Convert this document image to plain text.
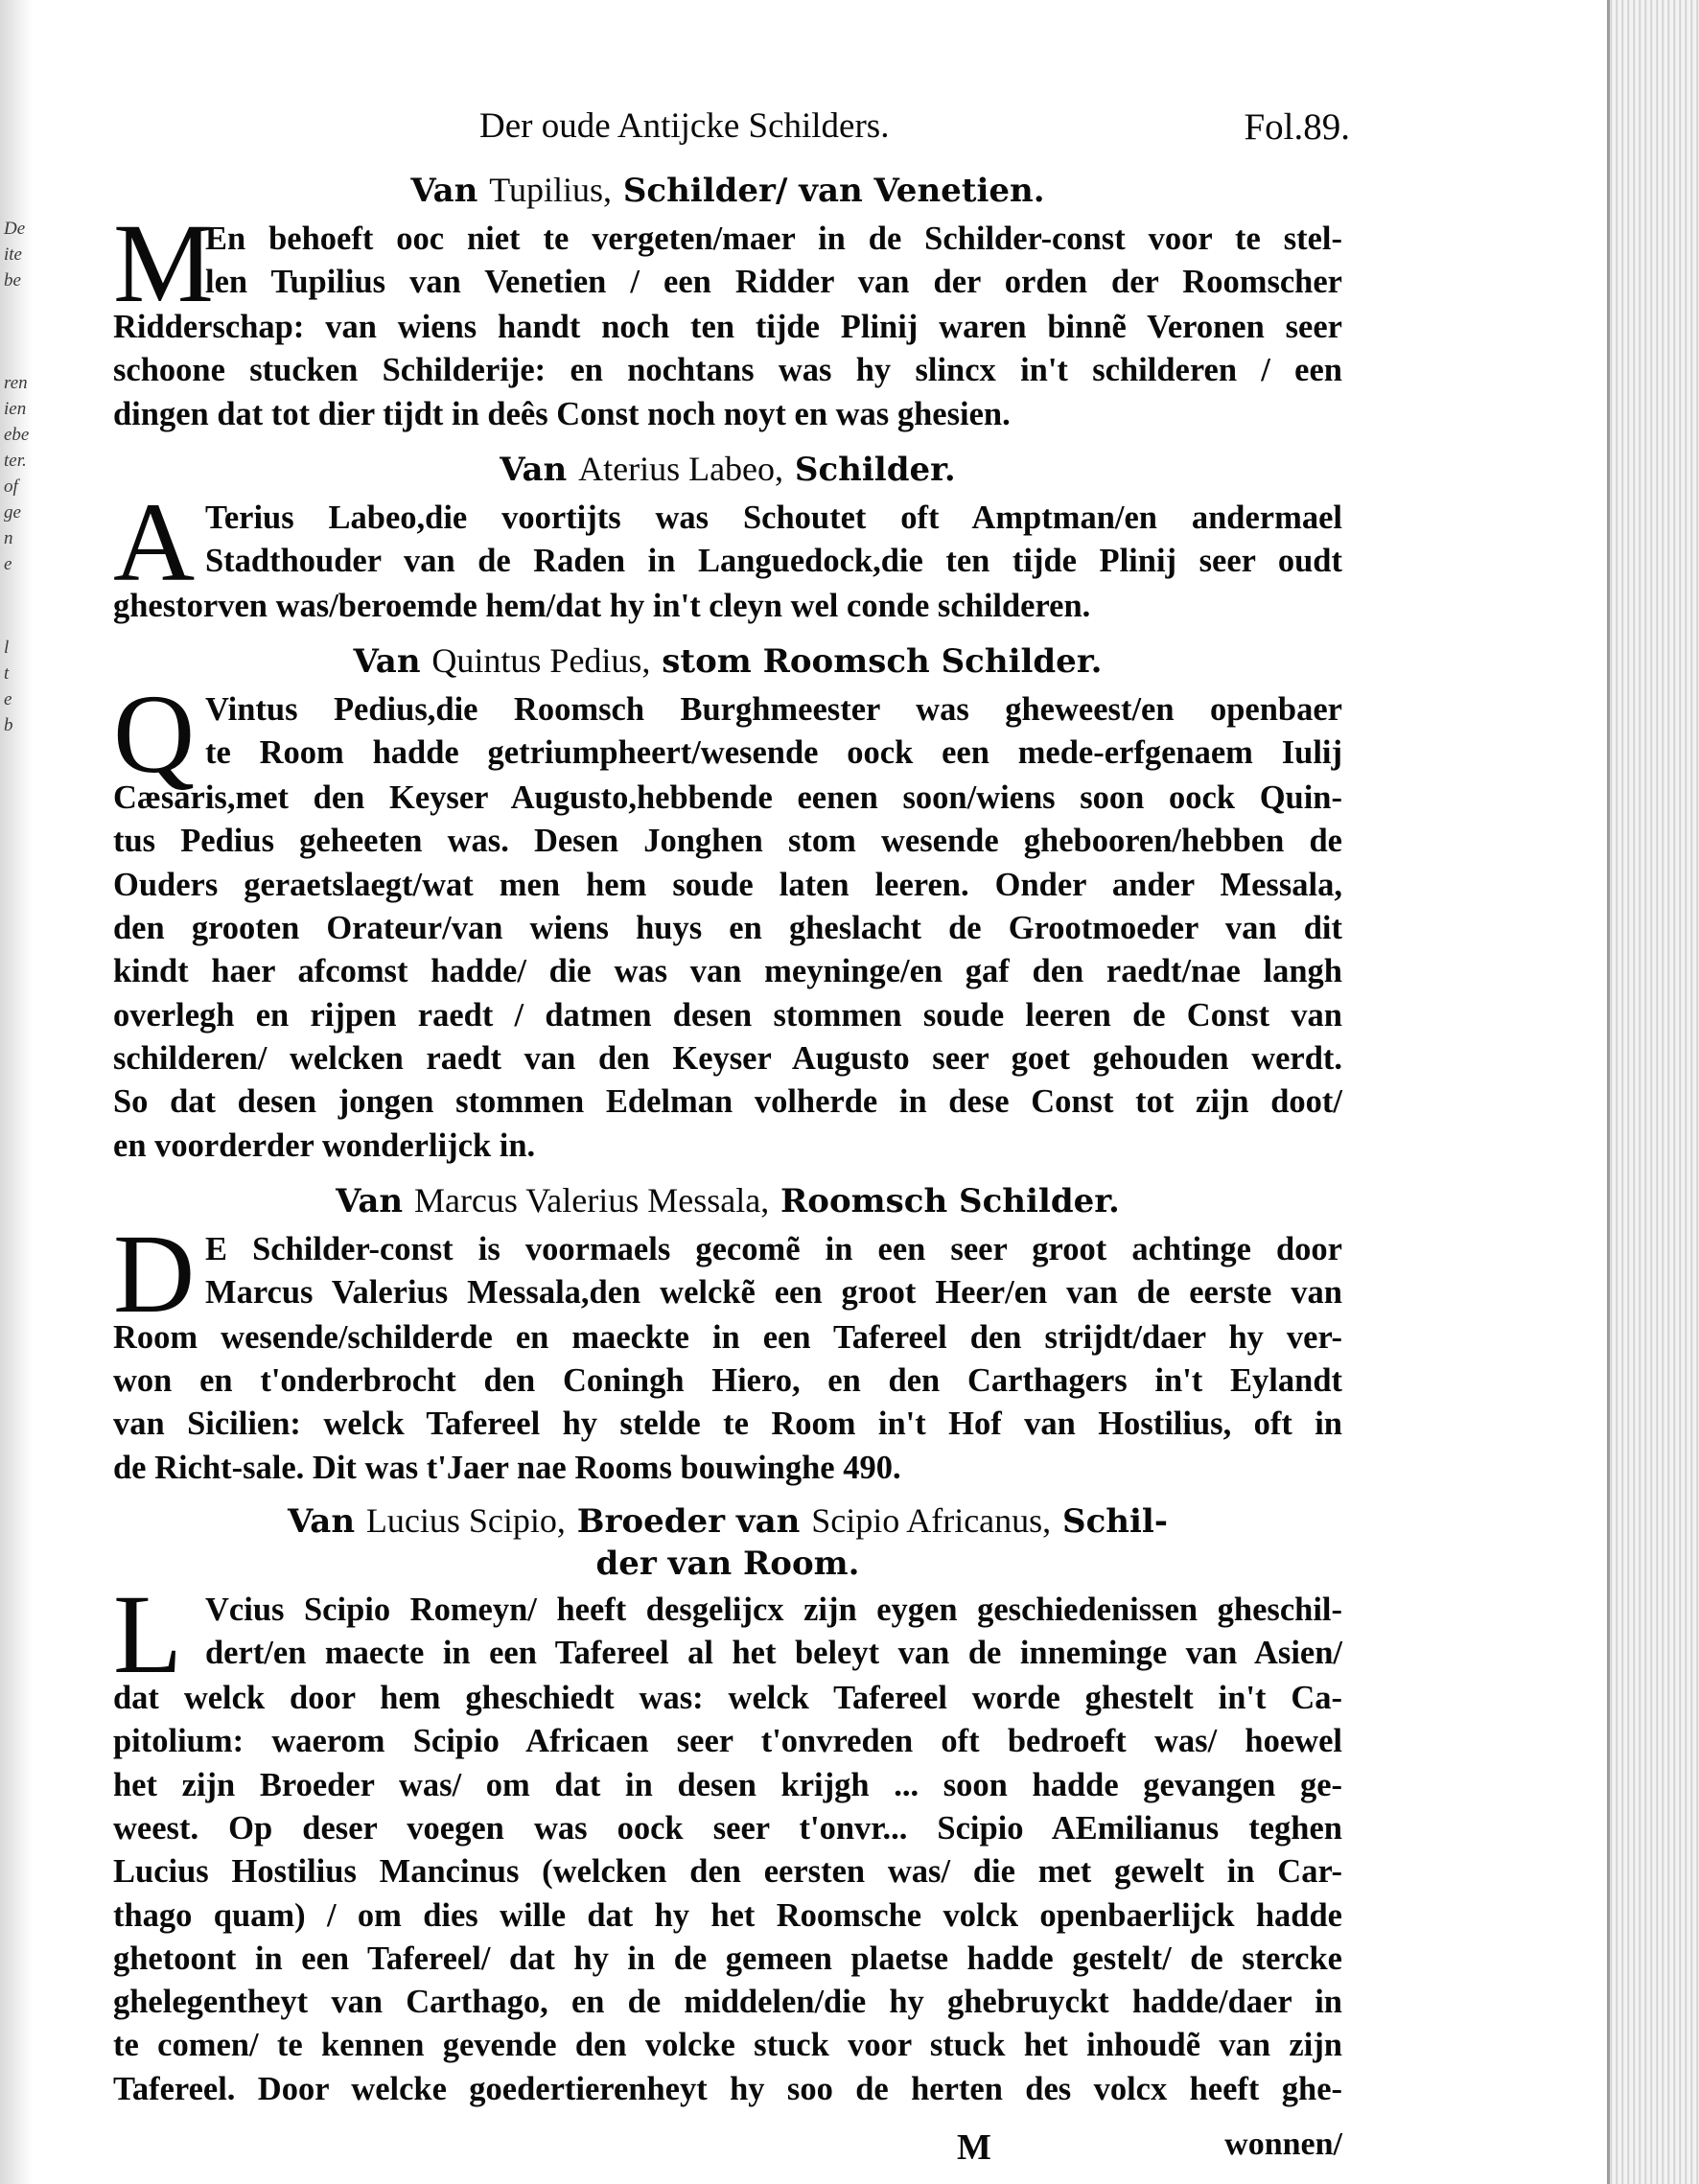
De
ite
be
ren
ien
ebe
ter.
of
ge
n
e
l
t
e
b
Der oude Antijcke Schilders.	Fol.89.
Van Tupilius, Schilder/ van Venetien.
M
En behoeft ooc niet te vergeten/maer in de Schilder-const voor te stel-
len Tupilius van Venetien / een Ridder van der orden der Roomscher
Ridderschap: van wiens handt noch ten tijde Plinij waren binnẽ Veronen seer
schoone stucken Schilderije: en nochtans was hy slincx in't schilderen / een
dingen dat tot dier tijdt in deês Const noch noyt en was ghesien.
Van Aterius Labeo, Schilder.
A Terius Labeo,die voortijts was Schoutet oft Amptman/en andermael
Stadthouder van de Raden in Languedock,die ten tijde Plinij seer oudt
ghestorven was/beroemde hem/dat hy in't cleyn wel conde schilderen.
Van Quintus Pedius, stom Roomsch Schilder.
Q Vintus Pedius,die Roomsch Burghmeester was gheweest/en openbaer
te Room hadde getriumpheert/wesende oock een mede-erfgenaem Iulij
Cæsaris,met den Keyser Augusto,hebbende eenen soon/wiens soon oock Quin-
tus Pedius geheeten was. Desen Jonghen stom wesende ghebooren/hebben de
Ouders geraetslaegt/wat men hem soude laten leeren. Onder ander Messala,
den grooten Orateur/van wiens huys en gheslacht de Grootmoeder van dit
kindt haer afcomst hadde/ die was van meyninge/en gaf den raedt/nae langh
overlegh en rijpen raedt / datmen desen stommen soude leeren de Const van
schilderen/ welcken raedt van den Keyser Augusto seer goet gehouden werdt.
So dat desen jongen stommen Edelman volherde in dese Const tot zijn doot/
en voorderder wonderlijck in.
Van Marcus Valerius Messala, Roomsch Schilder.
D E Schilder-const is voormaels gecomẽ in een seer groot achtinge door
Marcus Valerius Messala,den welckẽ een groot Heer/en van de eerste van
Room wesende/schilderde en maeckte in een Tafereel den strijdt/daer hy ver-
won en t'onderbrocht den Coningh Hiero, en den Carthagers in't Eylandt
van Sicilien: welck Tafereel hy stelde te Room in't Hof van Hostilius, oft in
de Richt-sale. Dit was t'Jaer nae Rooms bouwinghe 490.
Van Lucius Scipio, Broeder van Scipio Africanus, Schil-
der van Room.
L Vcius Scipio Romeyn/ heeft desgelijcx zijn eygen geschiedenissen gheschil-
dert/en maecte in een Tafereel al het beleyt van de inneminge van Asien/
dat welck door hem gheschiedt was: welck Tafereel worde ghestelt in't Ca-
pitolium: waerom Scipio Africaen seer t'onvreden oft bedroeft was/ hoewel
het zijn Broeder was/ om dat in desen krijgh ... soon hadde gevangen ge-
weest. Op deser voegen was oock seer t'onvr... Scipio AEmilianus teghen
Lucius Hostilius Mancinus (welcken den eersten was/ die met gewelt in Car-
thago quam) / om dies wille dat hy het Roomsche volck openbaerlijck hadde
ghetoont in een Tafereel/ dat hy in de gemeen plaetse hadde gestelt/ de stercke
ghelegentheyt van Carthago, en de middelen/die hy ghebruyckt hadde/daer in
te comen/ te kennen gevende den volcke stuck voor stuck het inhoudẽ van zijn
Tafereel. Door welcke goedertierenheyt hy soo de herten des volcx heeft ghe-
M	wonnen/
